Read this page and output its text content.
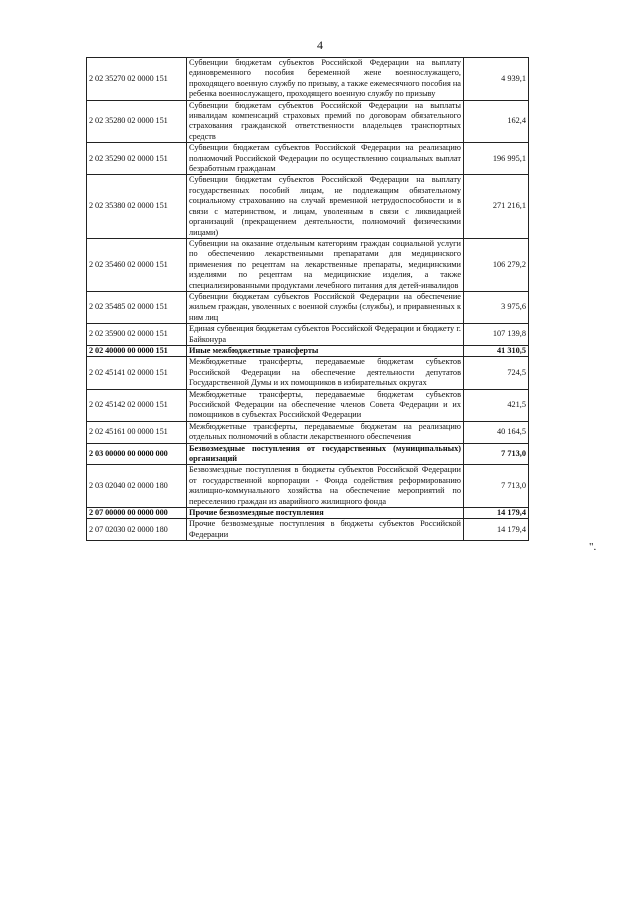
4
2 02 35270 02 0000 151	Субвенции бюджетам субъектов Российской Федерации на выплату единовременного пособия беременной жене военнослужащего, проходящего военную службу по призыву, а также ежемесячного пособия на ребенка военнослужащего, проходящего военную службу по призыву	4 939,1
2 02 35280 02 0000 151	Субвенции бюджетам субъектов Российской Федерации на выплаты инвалидам компенсаций страховых премий по договорам обязательного страхования гражданской ответственности владельцев транспортных средств	162,4
2 02 35290 02 0000 151	Субвенции бюджетам субъектов Российской Федерации на реализацию полномочий Российской Федерации по осуществлению социальных выплат безработным гражданам	196 995,1
2 02 35380 02 0000 151	Субвенции бюджетам субъектов Российской Федерации на выплату государственных пособий лицам, не подлежащим обязательному социальному страхованию на случай временной нетрудоспособности и в связи с материнством, и лицам, уволенным в связи с ликвидацией организаций (прекращением деятельности, полномочий физическими лицами)	271 216,1
2 02 35460 02 0000 151	Субвенции на оказание отдельным категориям граждан социальной услуги по обеспечению лекарственными препаратами для медицинского применения по рецептам на лекарственные препараты, медицинскими изделиями по рецептам на медицинские изделия, а также специализированными продуктами лечебного питания для детей-инвалидов	106 279,2
2 02 35485 02 0000 151	Субвенции бюджетам субъектов Российской Федерации на обеспечение жильем граждан, уволенных с военной службы (службы), и приравненных к ним лиц	3 975,6
2 02 35900 02 0000 151	Единая субвенция бюджетам субъектов Российской Федерации и бюджету г. Байконура	107 139,8
2 02 40000 00 0000 151	Иные межбюджетные трансферты	41 310,5
2 02 45141 02 0000 151	Межбюджетные трансферты, передаваемые бюджетам субъектов Российской Федерации на обеспечение деятельности депутатов Государственной Думы и их помощников в избирательных округах	724,5
2 02 45142 02 0000 151	Межбюджетные трансферты, передаваемые бюджетам субъектов Российской Федерации на обеспечение членов Совета Федерации и их помощников в субъектах Российской Федерации	421,5
2 02 45161 00 0000 151	Межбюджетные трансферты, передаваемые бюджетам на реализацию отдельных полномочий в области лекарственного обеспечения	40 164,5
2 03 00000 00 0000 000	Безвозмездные поступления от государственных (муниципальных) организаций	7 713,0
2 03 02040 02 0000 180	Безвозмездные поступления в бюджеты субъектов Российской Федерации от государственной корпорации - Фонда содействия реформированию жилищно-коммунального хозяйства на обеспечение мероприятий по переселению граждан из аварийного жилищного фонда	7 713,0
2 07 00000 00 0000 000	Прочие безвозмездные поступления	14 179,4
2 07 02030 02 0000 180	Прочие безвозмездные поступления в бюджеты субъектов Российской Федерации	14 179,4
".
